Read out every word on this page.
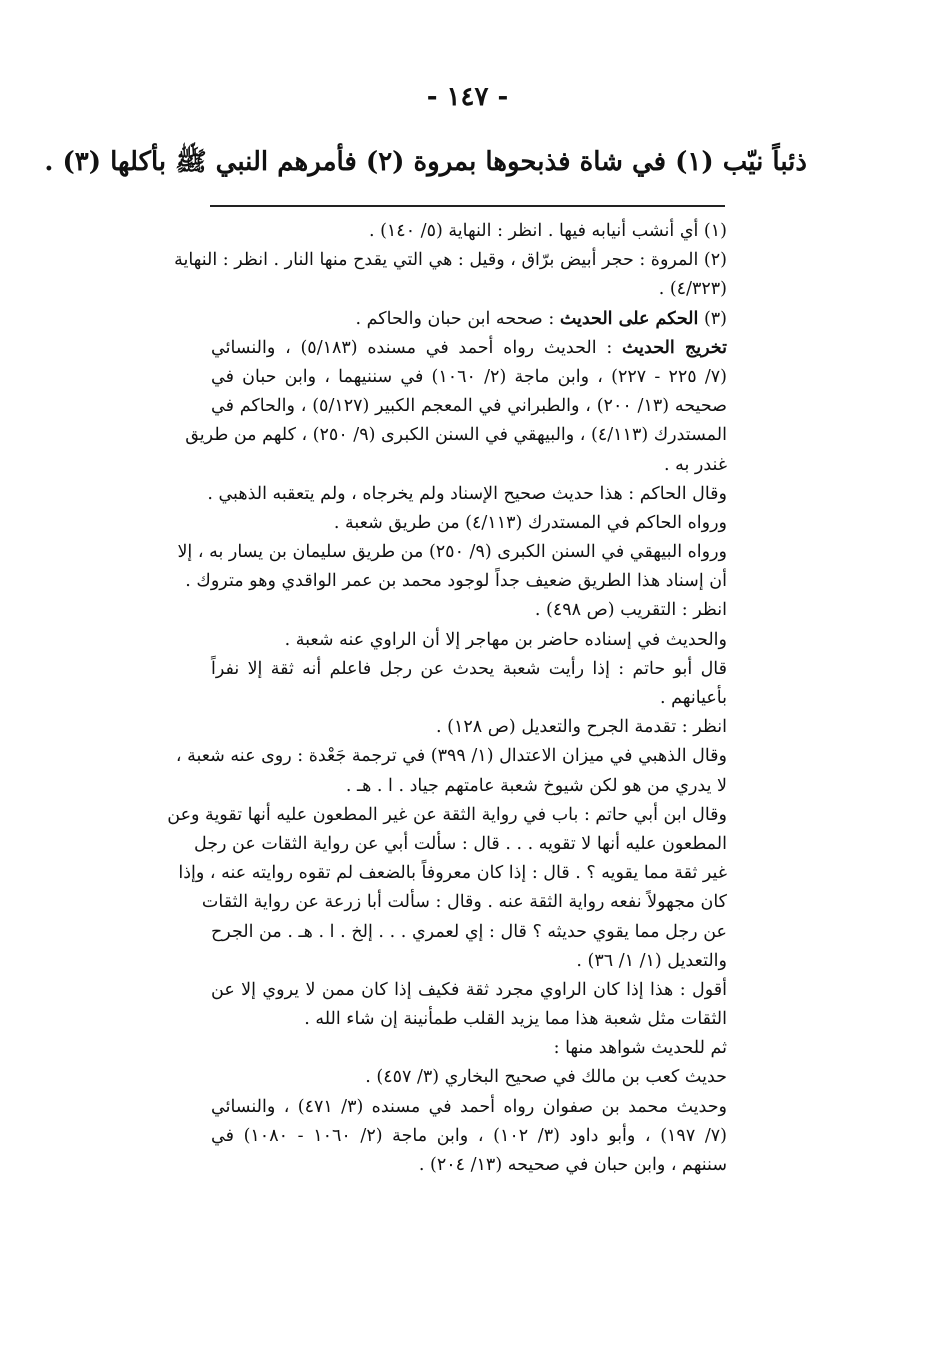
- ١٤٧ -
ذئباً نيّب (١) في شاة فذبحوها بمروة (٢) فأمرهم النبي ﷺ بأكلها (٣) .
(١) أي أنشب أنيابه فيها . انظر : النهاية (٥/ ١٤٠) .
(٢) المروة : حجر أبيض برّاق ، وقيل : هي التي يقدح منها النار . انظر : النهاية
(٤/٣٢٣) .
(٣) الحكم على الحديث : صححه ابن حبان والحاكم .
تخريج الحديث : الحديث رواه أحمد في مسنده (٥/١٨٣) ، والنسائي
(٧/ ٢٢٥ - ٢٢٧) ، وابن ماجة (٢/ ١٠٦٠) في سننيهما ، وابن حبان في
صحيحه (١٣/ ٢٠٠) ، والطبراني في المعجم الكبير (٥/١٢٧) ، والحاكم في
المستدرك (٤/١١٣) ، والبيهقي في السنن الكبرى (٩/ ٢٥٠) ، كلهم من طريق
غندر به .
وقال الحاكم : هذا حديث صحيح الإسناد ولم يخرجاه ، ولم يتعقبه الذهبي .
ورواه الحاكم في المستدرك (٤/١١٣) من طريق شعبة .
ورواه البيهقي في السنن الكبرى (٩/ ٢٥٠) من طريق سليمان بن يسار به ، إلا
أن إسناد هذا الطريق ضعيف جداً لوجود محمد بن عمر الواقدي وهو متروك .
انظر : التقريب (ص ٤٩٨) .
والحديث في إسناده حاضر بن مهاجر إلا أن الراوي عنه شعبة .
قال أبو حاتم : إذا رأيت شعبة يحدث عن رجل فاعلم أنه ثقة إلا نفراً
بأعيانهم .
انظر : تقدمة الجرح والتعديل (ص ١٢٨) .
وقال الذهبي في ميزان الاعتدال (١/ ٣٩٩) في ترجمة جَعْدة : روى عنه شعبة ،
لا يدري من هو لكن شيوخ شعبة عامتهم جياد . ا . هـ .
وقال ابن أبي حاتم : باب في رواية الثقة عن غير المطعون عليه أنها تقوية وعن
المطعون عليه أنها لا تقويه . . . قال : سألت أبي عن رواية الثقات عن رجل
غير ثقة مما يقويه ؟ . قال : إذا كان معروفاً بالضعف لم تقوه روايته عنه ، وإذا
كان مجهولاً نفعه رواية الثقة عنه . وقال : سألت أبا زرعة عن رواية الثقات
عن رجل مما يقوي حديثه ؟ قال : إي لعمري . . . إلخ . ا . هـ . من الجرح
والتعديل (١/ ١/ ٣٦) .
أقول : هذا إذا كان الراوي مجرد ثقة فكيف إذا كان ممن لا يروي إلا عن
الثقات مثل شعبة هذا مما يزيد القلب طمأنينة إن شاء الله .
ثم للحديث شواهد منها :
حديث كعب بن مالك في صحيح البخاري (٣/ ٤٥٧) .
وحديث محمد بن صفوان رواه أحمد في مسنده (٣/ ٤٧١) ، والنسائي
(٧/ ١٩٧) ، وأبو داود (٣/ ١٠٢) ، وابن ماجة (٢/ ١٠٦٠ - ١٠٨٠) في
سننهم ، وابن حبان في صحيحه (١٣/ ٢٠٤) .
